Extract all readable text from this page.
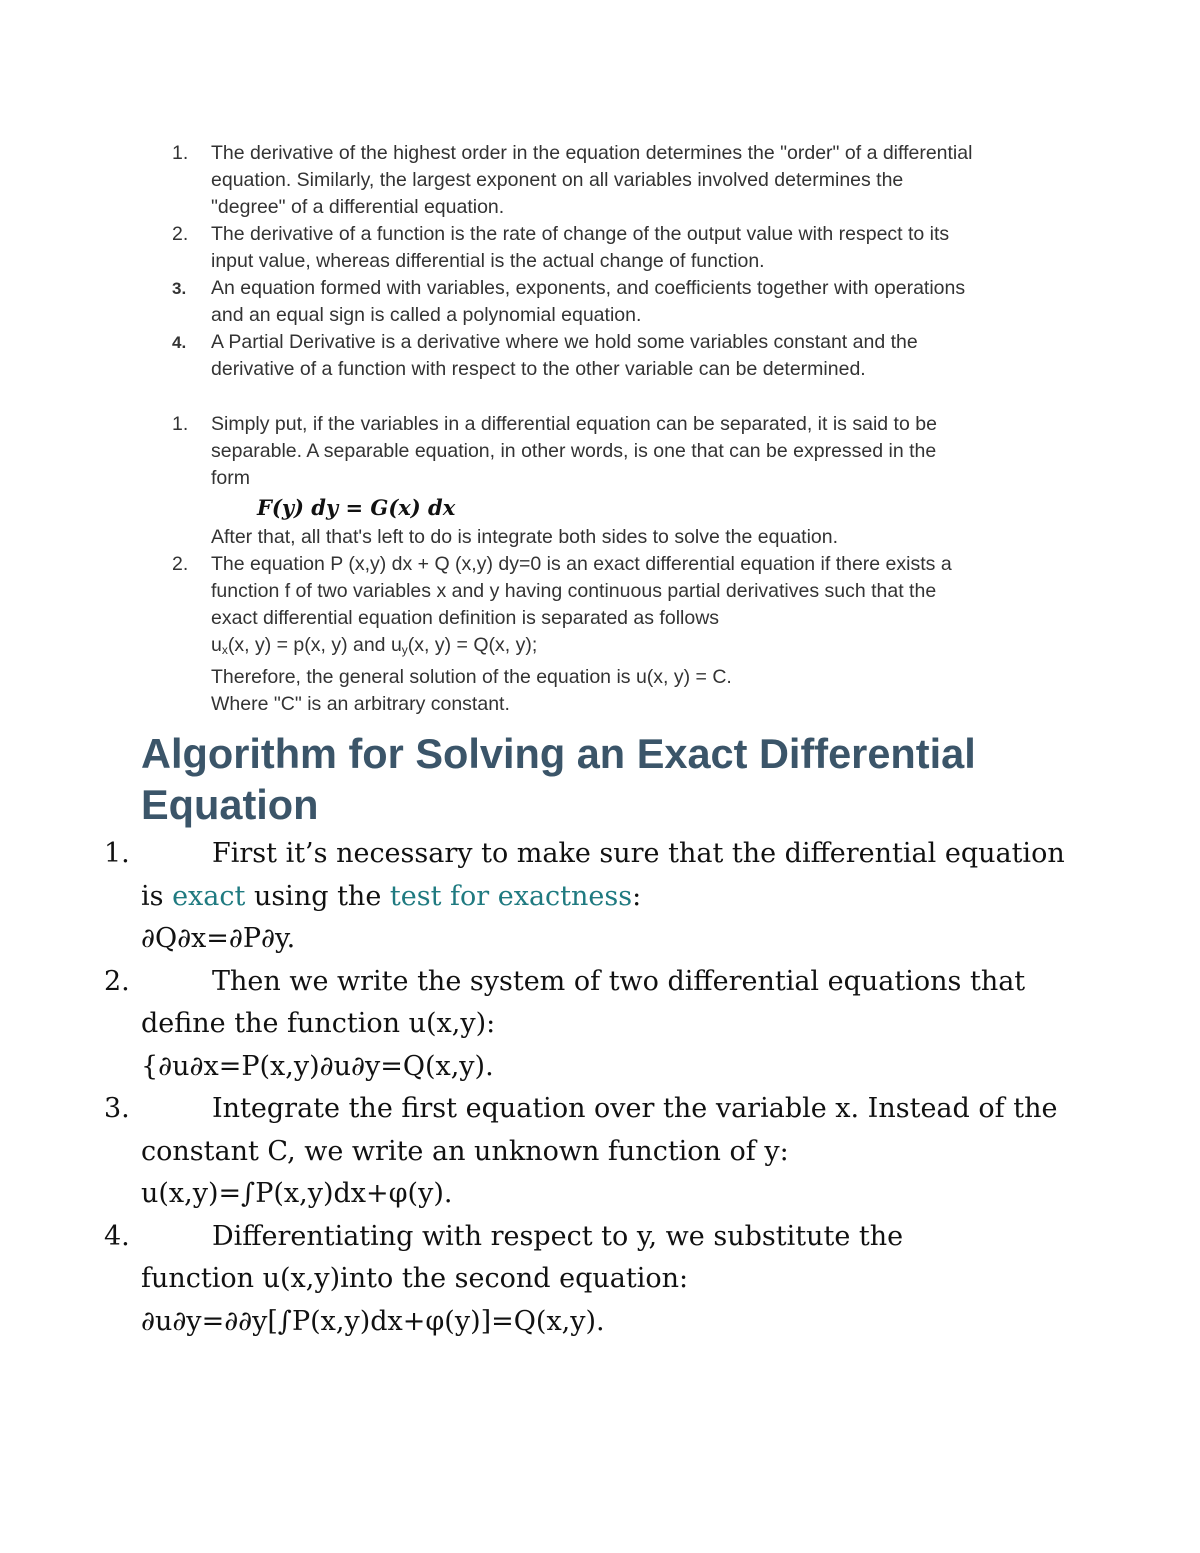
1.	The derivative of the highest order in the equation determines the "order" of a differential
equation. Similarly, the largest exponent on all variables involved determines the
"degree" of a differential equation.
2.	The derivative of a function is the rate of change of the output value with respect to its
input value, whereas differential is the actual change of function.
3.	An equation formed with variables, exponents, and coefficients together with operations
and an equal sign is called a polynomial equation.
4.	A Partial Derivative is a derivative where we hold some variables constant and the
derivative of a function with respect to the other variable can be determined.
1.	Simply put, if the variables in a differential equation can be separated, it is said to be
separable. A separable equation, in other words, is one that can be expressed in the
form
F(y) dy = G(x) dx
After that, all that's left to do is integrate both sides to solve the equation.
2.	The equation P (x,y) dx + Q (x,y) dy=0 is an exact differential equation if there exists a
function f of two variables x and y having continuous partial derivatives such that the
exact differential equation definition is separated as follows
$u_x(x$, y) = p(x, y) and $u_y(x$, y) = Q(x, y);
Therefore, the general solution of the equation is u(x, y) = C.
Where "C" is an arbitrary constant.
Algorithm for Solving an Exact Differential
Equation
1.	First it’s necessary to make sure that the differential equation
is exact using the test for exactness:
∂Q∂x=∂P∂y.
2.	Then we write the system of two differential equations that
define the function u(x,y):
{∂u∂x=P(x,y)∂u∂y=Q(x,y).
3.	Integrate the first equation over the variable x. Instead of the
constant C, we write an unknown function of y:
u(x,y)=∫P(x,y)dx+φ(y).
4.	Differentiating with respect to y, we substitute the
function u(x,y)into the second equation:
∂u∂y=∂∂y[∫P(x,y)dx+φ(y)]=Q(x,y).
